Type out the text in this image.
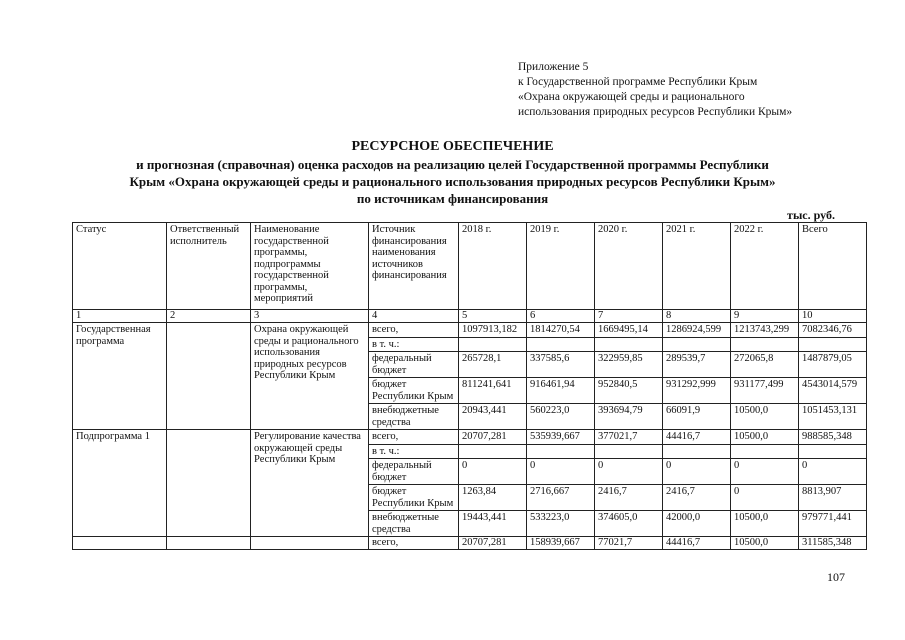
Приложение 5
к Государственной программе Республики Крым
«Охрана окружающей среды и рационального
использования природных ресурсов Республики Крым»
РЕСУРСНОЕ ОБЕСПЕЧЕНИЕ
и прогнозная (справочная) оценка расходов на реализацию целей Государственной программы Республики
Крым «Охрана окружающей среды и рационального использования природных ресурсов Республики Крым»
по источникам финансирования
тыс. руб.
Статус	Ответственный исполнитель	Наименование государственной программы, подпрограммы государственной программы, мероприятий	Источник финансирования наименования источников финансирования	2018 г.	2019 г.	2020 г.	2021 г.	2022 г.	Всего
1	2	3	4	5	6	7	8	9	10
Государственная программа		Охрана окружающей среды и рационального использования природных ресурсов Республики Крым	всего,	1097913,182	1814270,54	1669495,14	1286924,599	1213743,299	7082346,76
			в т. ч.:						
			федеральный бюджет	265728,1	337585,6	322959,85	289539,7	272065,8	1487879,05
			бюджет Республики Крым	811241,641	916461,94	952840,5	931292,999	931177,499	4543014,579
			внебюджетные средства	20943,441	560223,0	393694,79	66091,9	10500,0	1051453,131
Подпрограмма 1		Регулирование качества окружающей среды Республики Крым	всего,	20707,281	535939,667	377021,7	44416,7	10500,0	988585,348
			в т. ч.:						
			федеральный бюджет	0	0	0	0	0	0
			бюджет Республики Крым	1263,84	2716,667	2416,7	2416,7	0	8813,907
			внебюджетные средства	19443,441	533223,0	374605,0	42000,0	10500,0	979771,441
			всего,	20707,281	158939,667	77021,7	44416,7	10500,0	311585,348
107
